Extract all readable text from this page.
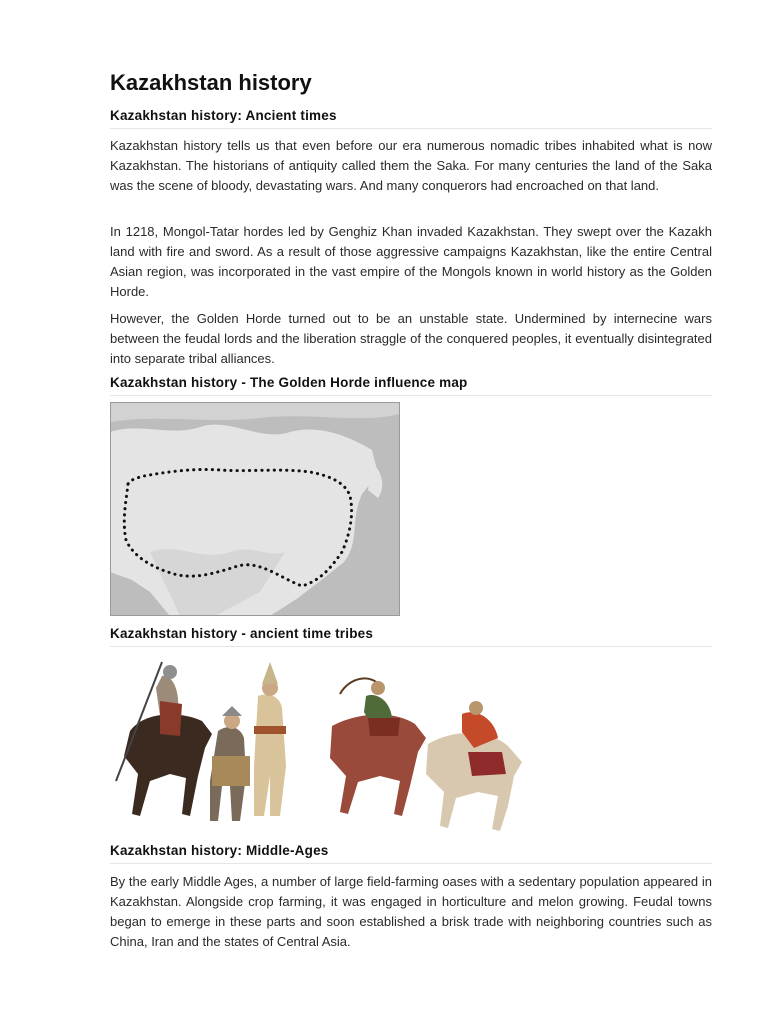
Kazakhstan history
Kazakhstan history: Ancient times

Kazakhstan history tells us that even before our era numerous nomadic tribes inhabited what is now Kazakhstan. The historians of antiquity called them the Saka. For many centuries the land of the Saka was the scene of bloody, devastating wars. And many conquerors had encroached on that land.

In 1218, Mongol-Tatar hordes led by Genghiz Khan invaded Kazakhstan. They swept over the Kazakh land with fire and sword. As a result of those aggressive campaigns Kazakhstan, like the entire Central Asian region, was incorporated in the vast empire of the Mongols known in world history as the Golden Horde.

However, the Golden Horde turned out to be an unstable state. Undermined by internecine wars between the feudal lords and the liberation straggle of the conquered peoples, it eventually disintegrated into separate tribal alliances.

Kazakhstan history - The Golden Horde influence map
Kazakhstan history - ancient time tribes
Kazakhstan history: Middle-Ages

By the early Middle Ages, a number of large field-farming oases with a sedentary population appeared in Kazakhstan. Alongside crop farming, it was engaged in horticulture and melon growing. Feudal towns began to emerge in these parts and soon established a brisk trade with neighboring countries such as China, Iran and the states of Central Asia.
